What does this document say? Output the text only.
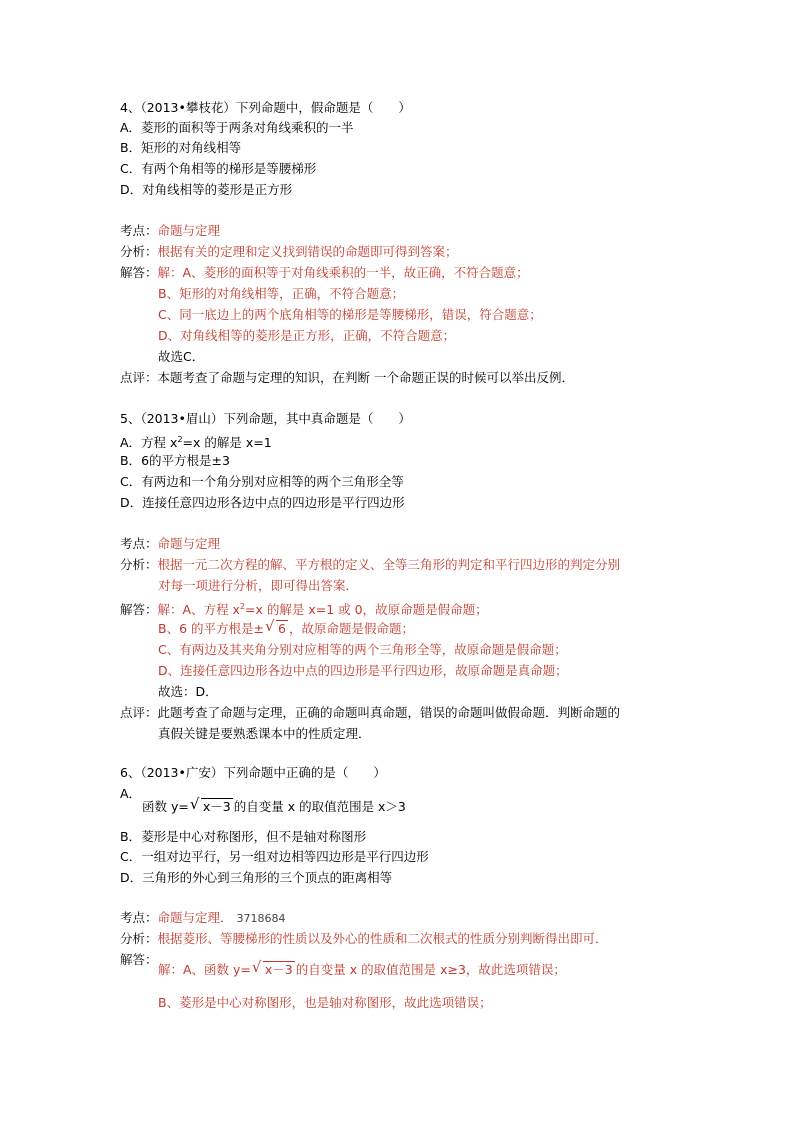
4、（2013•攀枝花）下列命题中，假命题是（　　）
A．菱形的面积等于两条对角线乘积的一半
B．矩形的对角线相等
C．有两个角相等的梯形是等腰梯形
D．对角线相等的菱形是正方形
考点：命题与定理
分析：根据有关的定理和定义找到错误的命题即可得到答案；
解答：解：A、菱形的面积等于对角线乘积的一半，故正确，不符合题意；
B、矩形的对角线相等，正确，不符合题意；
C、同一底边上的两个底角相等的梯形是等腰梯形，错误，符合题意；
D、对角线相等的菱形是正方形，正确，不符合题意；
故选C．
点评：本题考查了命题与定理的知识，在判断 一个命题正误的时候可以举出反例．
5、（2013•眉山）下列命题，其中真命题是（　　）
A．方程 $x^2=x$ 的解是 x=1
B．6的平方根是±3
C．有两边和一个角分别对应相等的两个三角形全等
D．连接任意四边形各边中点的四边形是平行四边形
考点：命题与定理
分析：根据一元二次方程的解、平方根的定义、全等三角形的判定和平行四边形的判定分别
对每一项进行分析，即可得出答案．
解答：解：A、方程 $x^2=x$ 的解是 x=1 或 0，故原命题是假命题；
B、6 的平方根是± √ 6 ，故原命题是假命题；
C、有两边及其夹角分别对应相等的两个三角形全等，故原命题是假命题；
D、连接任意四边形各边中点的四边形是平行四边形，故原命题是真命题；
故选：D．
点评：此题考查了命题与定理，正确的命题叫真命题，错误的命题叫做假命题．判断命题的
真假关键是要熟悉课本中的性质定理．
6、（2013•广安）下列命题中正确的是（　　）
A．
函数 y= √ x－3 的自变量 x 的取值范围是 x＞3
B．菱形是中心对称图形，但不是轴对称图形
C．一组对边平行，另一组对边相等四边形是平行四边形
D．三角形的外心到三角形的三个顶点的距离相等
考点：命题与定理． 3718684
分析：根据菱形、等腰梯形的性质以及外心的性质和二次根式的性质分别判断得出即可．
解答：
解：A、函数 y= √ x－3 的自变量 x 的取值范围是 x≥3，故此选项错误；
B、菱形是中心对称图形，也是轴对称图形，故此选项错误；
